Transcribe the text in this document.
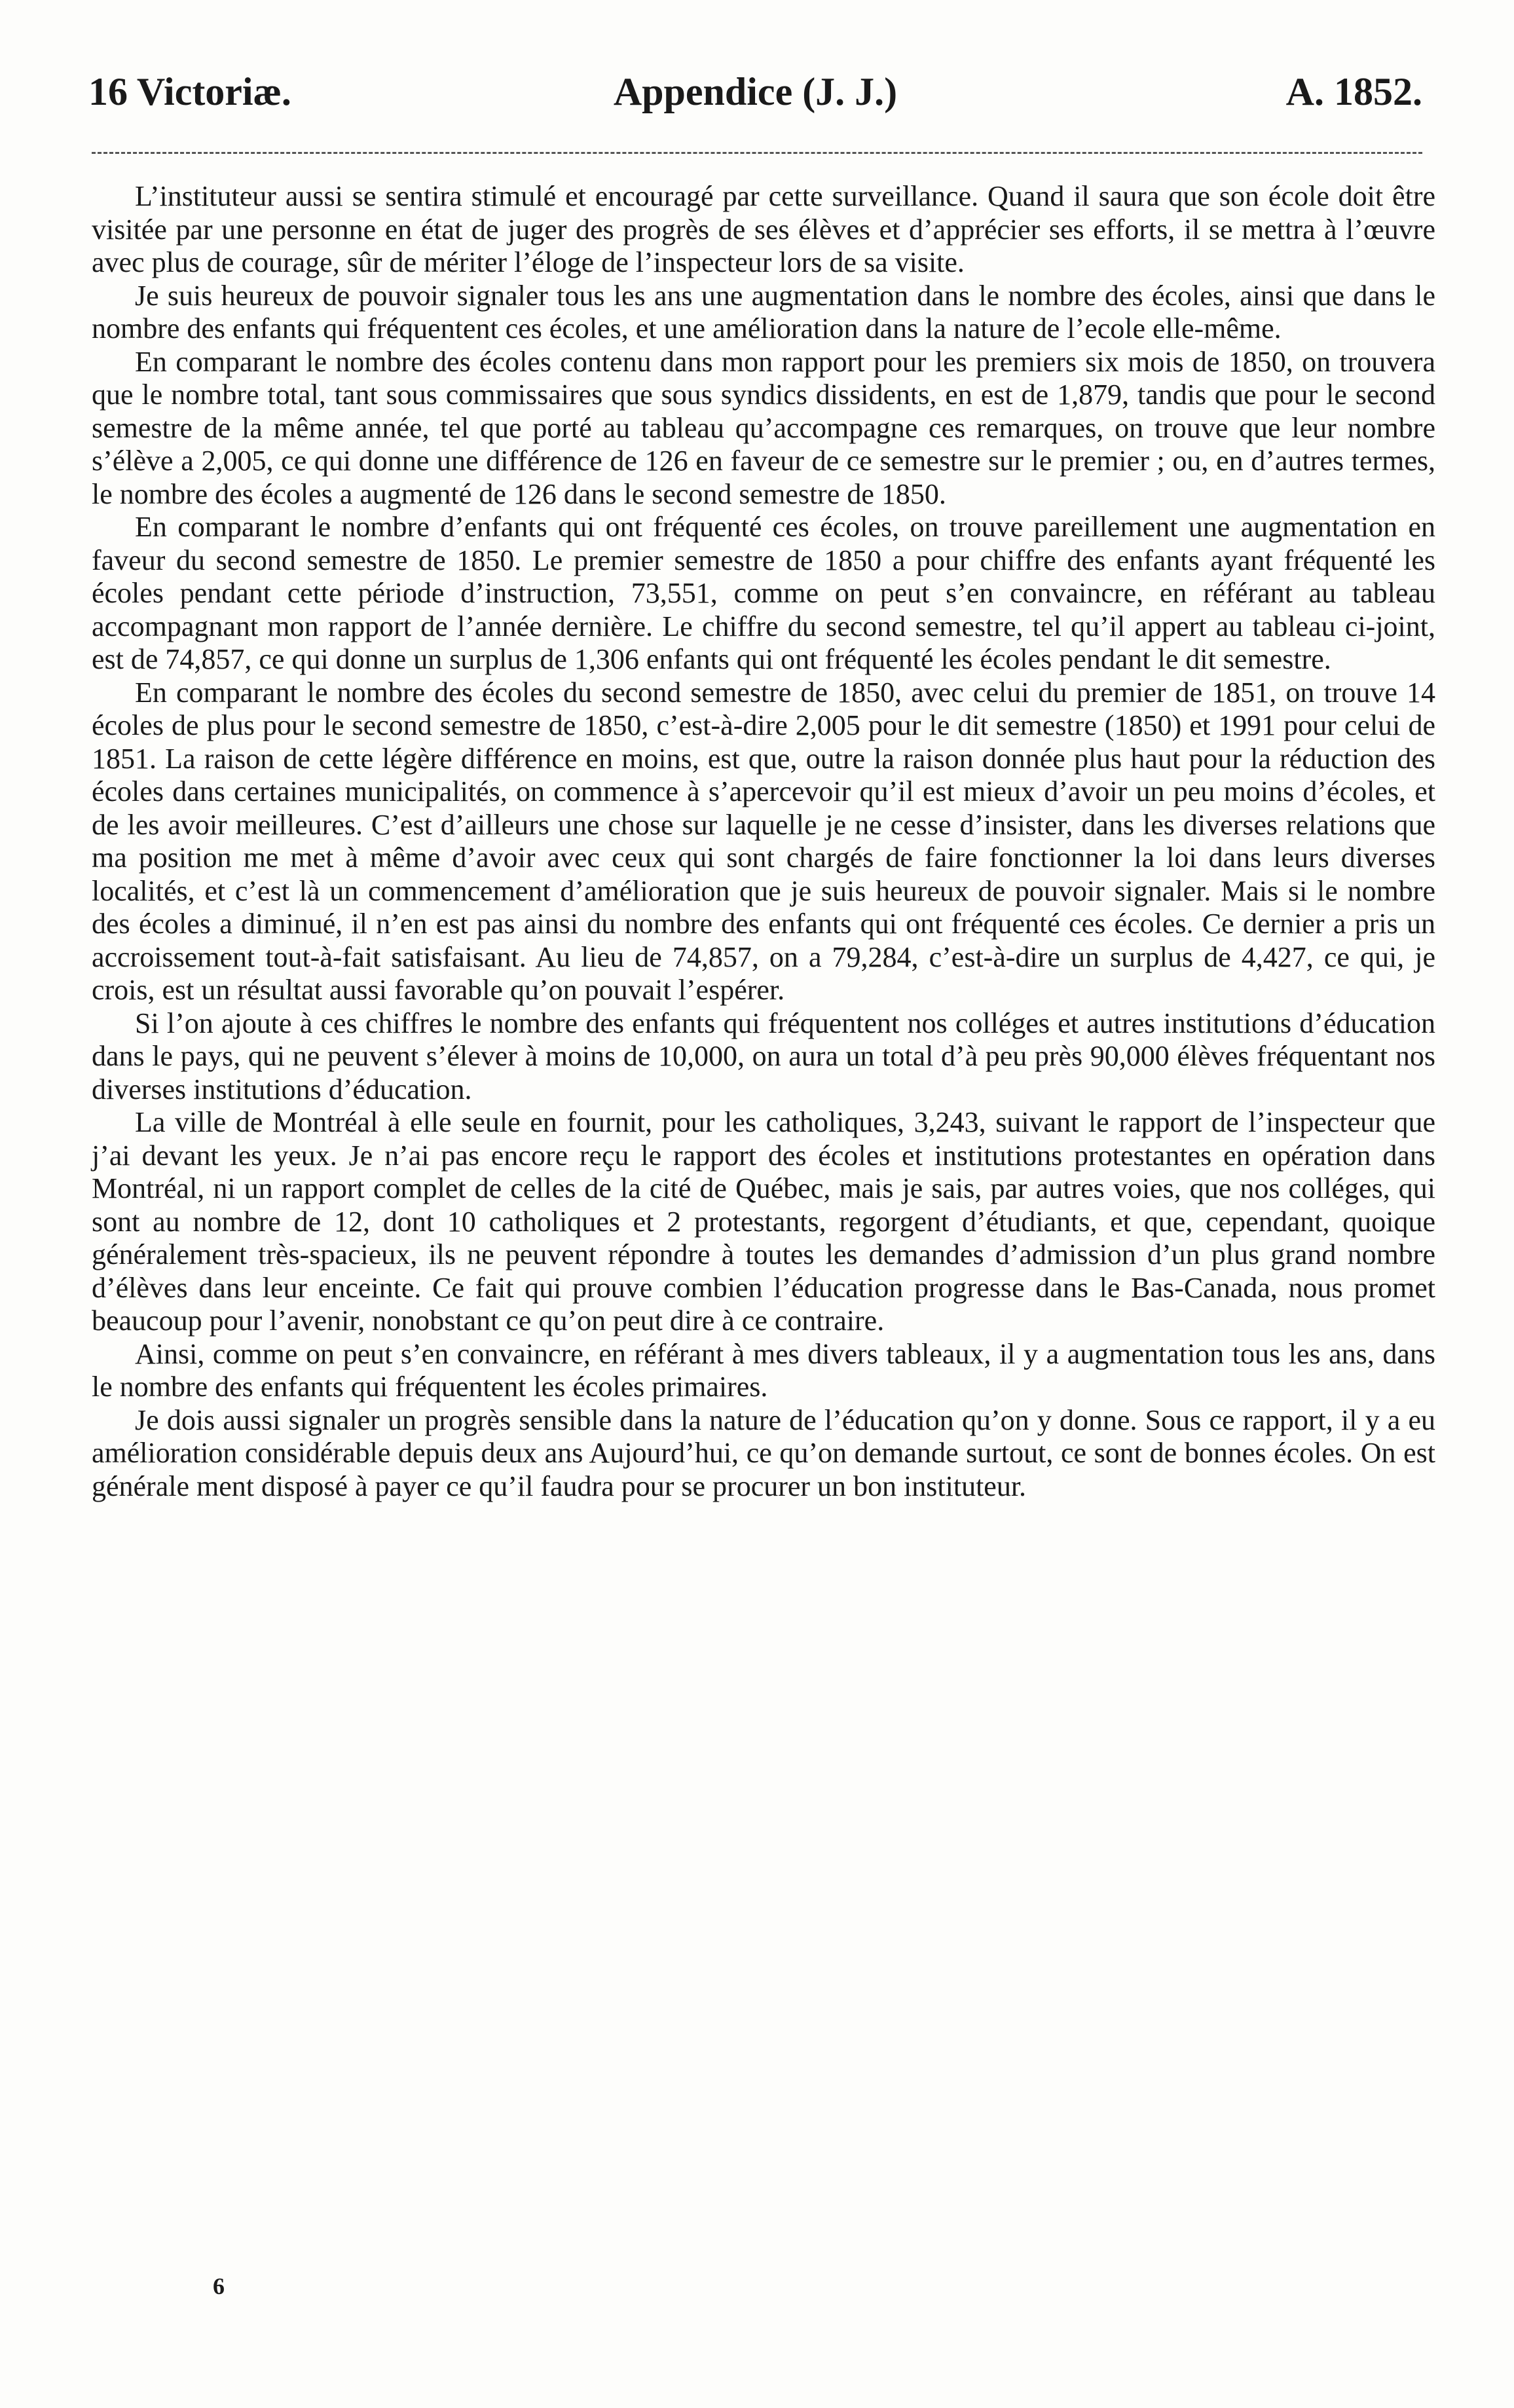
16 Victoriæ.	Appendice (J. J.)	A. 1852.

L’instituteur aussi se sentira stimulé et encouragé par cette surveillance. Quand il saura que son école doit être visitée par une personne en état de juger des progrès de ses élèves et d’apprécier ses efforts, il se mettra à l’œuvre avec plus de courage, sûr de mériter l’éloge de l’inspecteur lors de sa visite.

Je suis heureux de pouvoir signaler tous les ans une augmentation dans le nombre des écoles, ainsi que dans le nombre des enfants qui fréquentent ces écoles, et une amélioration dans la nature de l’ecole elle-même.

En comparant le nombre des écoles contenu dans mon rapport pour les premiers six mois de 1850, on trouvera que le nombre total, tant sous commissaires que sous syndics dissidents, en est de 1,879, tandis que pour le second semestre de la même année, tel que porté au tableau qu’accompagne ces remarques, on trouve que leur nombre s’élève a 2,005, ce qui donne une différence de 126 en faveur de ce semestre sur le premier ; ou, en d’autres termes, le nombre des écoles a augmenté de 126 dans le second semestre de 1850.

En comparant le nombre d’enfants qui ont fréquenté ces écoles, on trouve pareillement une augmentation en faveur du second semestre de 1850. Le premier semestre de 1850 a pour chiffre des enfants ayant fréquenté les écoles pendant cette période d’instruction, 73,551, comme on peut s’en convaincre, en référant au tableau accompagnant mon rapport de l’année dernière. Le chiffre du second semestre, tel qu’il appert au tableau ci-joint, est de 74,857, ce qui donne un surplus de 1,306 enfants qui ont fréquenté les écoles pendant le dit semestre.

En comparant le nombre des écoles du second semestre de 1850, avec celui du premier de 1851, on trouve 14 écoles de plus pour le second semestre de 1850, c’est-à-dire 2,005 pour le dit semestre (1850) et 1991 pour celui de 1851. La raison de cette légère différence en moins, est que, outre la raison donnée plus haut pour la réduction des écoles dans certaines municipalités, on commence à s’apercevoir qu’il est mieux d’avoir un peu moins d’écoles, et de les avoir meilleures. C’est d’ailleurs une chose sur laquelle je ne cesse d’insister, dans les diverses relations que ma position me met à même d’avoir avec ceux qui sont chargés de faire fonctionner la loi dans leurs diverses localités, et c’est là un commencement d’amélioration que je suis heureux de pouvoir signaler. Mais si le nombre des écoles a diminué, il n’en est pas ainsi du nombre des enfants qui ont fréquenté ces écoles. Ce dernier a pris un accroissement tout-à-fait satisfaisant. Au lieu de 74,857, on a 79,284, c’est-à-dire un surplus de 4,427, ce qui, je crois, est un résultat aussi favorable qu’on pouvait l’espérer.

Si l’on ajoute à ces chiffres le nombre des enfants qui fréquentent nos colléges et autres institutions d’éducation dans le pays, qui ne peuvent s’élever à moins de 10,000, on aura un total d’à peu près 90,000 élèves fréquentant nos diverses institutions d’éducation.

La ville de Montréal à elle seule en fournit, pour les catholiques, 3,243, suivant le rapport de l’inspecteur que j’ai devant les yeux. Je n’ai pas encore reçu le rapport des écoles et institutions protestantes en opération dans Montréal, ni un rapport complet de celles de la cité de Québec, mais je sais, par autres voies, que nos colléges, qui sont au nombre de 12, dont 10 catholiques et 2 protestants, regorgent d’étudiants, et que, cependant, quoique généralement très-spacieux, ils ne peuvent répondre à toutes les demandes d’admission d’un plus grand nombre d’élèves dans leur enceinte. Ce fait qui prouve combien l’éducation progresse dans le Bas-Canada, nous promet beaucoup pour l’avenir, nonobstant ce qu’on peut dire à ce contraire.

Ainsi, comme on peut s’en convaincre, en référant à mes divers tableaux, il y a augmentation tous les ans, dans le nombre des enfants qui fréquentent les écoles primaires.

Je dois aussi signaler un progrès sensible dans la nature de l’éducation qu’on y donne. Sous ce rapport, il y a eu amélioration considérable depuis deux ans Aujourd’hui, ce qu’on demande surtout, ce sont de bonnes écoles. On est générale ment disposé à payer ce qu’il faudra pour se procurer un bon instituteur.

6
